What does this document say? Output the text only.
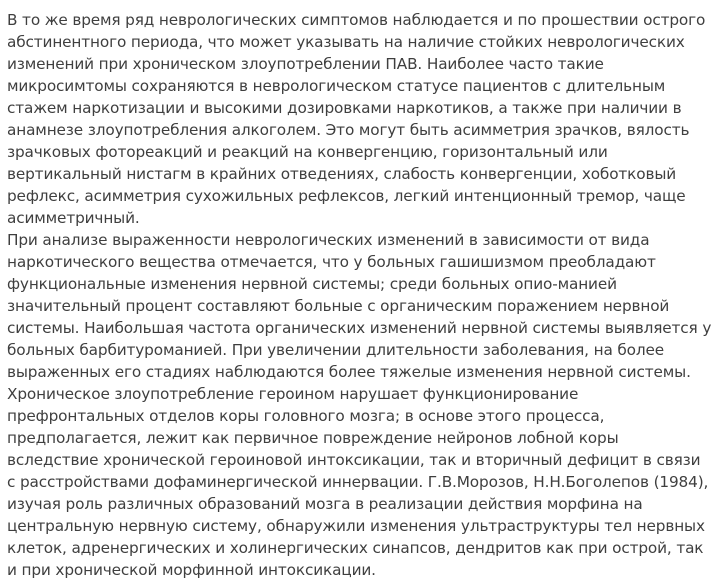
В то же время ряд неврологических симптомов наблюдается и по прошествии острого абстинентного периода, что может указывать на наличие стойких неврологических изменений при хроническом злоупотреблении ПАВ. Наиболее часто такие микросимтомы сохраняются в неврологическом статусе пациентов с длительным стажем наркотизации и высокими дозировками наркотиков, а также при наличии в анамнезе злоупотребления алкоголем. Это могут быть асимметрия зрачков, вялость зрачковых фотореакций и реакций на конвергенцию, горизонтальный или вертикальный нистагм в крайних отведениях, слабость конвергенции, хоботковый рефлекс, асимметрия сухожильных рефлексов, легкий интенционный тремор, чаще асимметричный.

При анализе выраженности неврологических изменений в зависимости от вида наркотического вещества отмечается, что у больных гашишизмом преобладают функциональные изменения нервной системы; среди больных опио-манией значительный процент составляют больные с органическим поражением нервной системы. Наибольшая частота органических изменений нервной системы выявляется у больных барбитуроманией. При увеличении длительности заболевания, на более выраженных его стадиях наблюдаются более тяжелые изменения нервной системы.

Хроническое злоупотребление героином нарушает функционирование префронтальных отделов коры головного мозга; в основе этого процесса, предполагается, лежит как первичное повреждение нейронов лобной коры вследствие хронической героиновой интоксикации, так и вторичный дефицит в связи с расстройствами дофаминергической иннервации. Г.В.Морозов, Н.Н.Боголепов (1984), изучая роль различных образований мозга в реализации действия морфина на центральную нервную систему, обнаружили изменения ультраструктуры тел нервных клеток, адренергических и холинергических синапсов, дендритов как при острой, так и при хронической морфинной интоксикации.
